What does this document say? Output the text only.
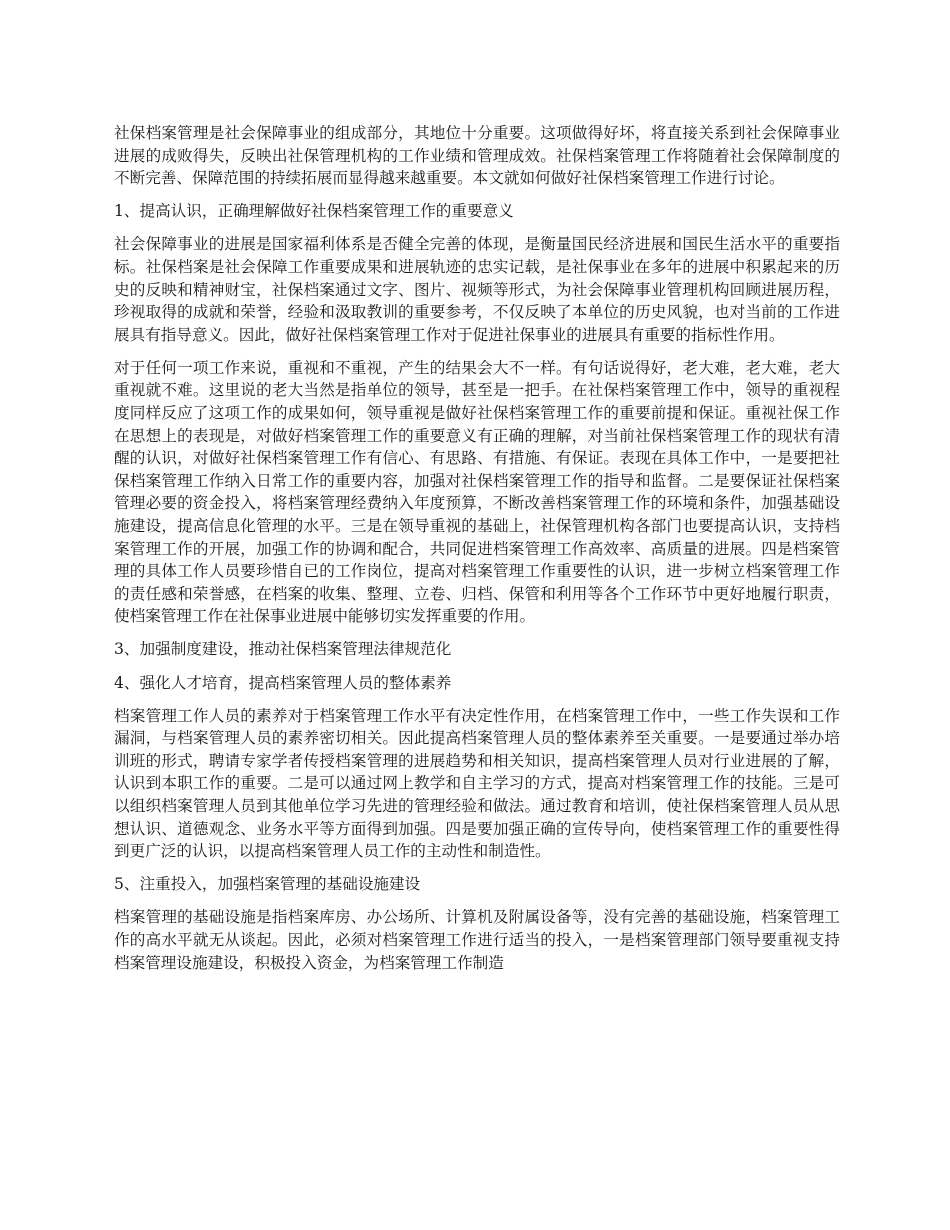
社保档案管理是社会保障事业的组成部分，其地位十分重要。这项做得好坏，将直接关系到社会保障事业进展的成败得失，反映出社保管理机构的工作业绩和管理成效。社保档案管理工作将随着社会保障制度的不断完善、保障范围的持续拓展而显得越来越重要。本文就如何做好社保档案管理工作进行讨论。

1、提高认识，正确理解做好社保档案管理工作的重要意义

社会保障事业的进展是国家福利体系是否健全完善的体现，是衡量国民经济进展和国民生活水平的重要指标。社保档案是社会保障工作重要成果和进展轨迹的忠实记载，是社保事业在多年的进展中积累起来的历史的反映和精神财宝，社保档案通过文字、图片、视频等形式，为社会保障事业管理机构回顾进展历程，珍视取得的成就和荣誉，经验和汲取教训的重要参考，不仅反映了本单位的历史风貌，也对当前的工作进展具有指导意义。因此，做好社保档案管理工作对于促进社保事业的进展具有重要的指标性作用。

对于任何一项工作来说，重视和不重视，产生的结果会大不一样。有句话说得好，老大难，老大难，老大重视就不难。这里说的老大当然是指单位的领导，甚至是一把手。在社保档案管理工作中，领导的重视程度同样反应了这项工作的成果如何，领导重视是做好社保档案管理工作的重要前提和保证。重视社保工作在思想上的表现是，对做好档案管理工作的重要意义有正确的理解，对当前社保档案管理工作的现状有清醒的认识，对做好社保档案管理工作有信心、有思路、有措施、有保证。表现在具体工作中，一是要把社保档案管理工作纳入日常工作的重要内容，加强对社保档案管理工作的指导和监督。二是要保证社保档案管理必要的资金投入，将档案管理经费纳入年度预算，不断改善档案管理工作的环境和条件，加强基础设施建设，提高信息化管理的水平。三是在领导重视的基础上，社保管理机构各部门也要提高认识，支持档案管理工作的开展，加强工作的协调和配合，共同促进档案管理工作高效率、高质量的进展。四是档案管理的具体工作人员要珍惜自已的工作岗位，提高对档案管理工作重要性的认识，进一步树立档案管理工作的责任感和荣誉感，在档案的收集、整理、立卷、归档、保管和利用等各个工作环节中更好地履行职责，使档案管理工作在社保事业进展中能够切实发挥重要的作用。

3、加强制度建设，推动社保档案管理法律规范化

4、强化人才培育，提高档案管理人员的整体素养

档案管理工作人员的素养对于档案管理工作水平有决定性作用，在档案管理工作中，一些工作失误和工作漏洞，与档案管理人员的素养密切相关。因此提高档案管理人员的整体素养至关重要。一是要通过举办培训班的形式，聘请专家学者传授档案管理的进展趋势和相关知识，提高档案管理人员对行业进展的了解，认识到本职工作的重要。二是可以通过网上教学和自主学习的方式，提高对档案管理工作的技能。三是可以组织档案管理人员到其他单位学习先进的管理经验和做法。通过教育和培训，使社保档案管理人员从思想认识、道德观念、业务水平等方面得到加强。四是要加强正确的宣传导向，使档案管理工作的重要性得到更广泛的认识，以提高档案管理人员工作的主动性和制造性。

5、注重投入，加强档案管理的基础设施建设

档案管理的基础设施是指档案库房、办公场所、计算机及附属设备等，没有完善的基础设施，档案管理工作的高水平就无从谈起。因此，必须对档案管理工作进行适当的投入，一是档案管理部门领导要重视支持档案管理设施建设，积极投入资金，为档案管理工作制造
